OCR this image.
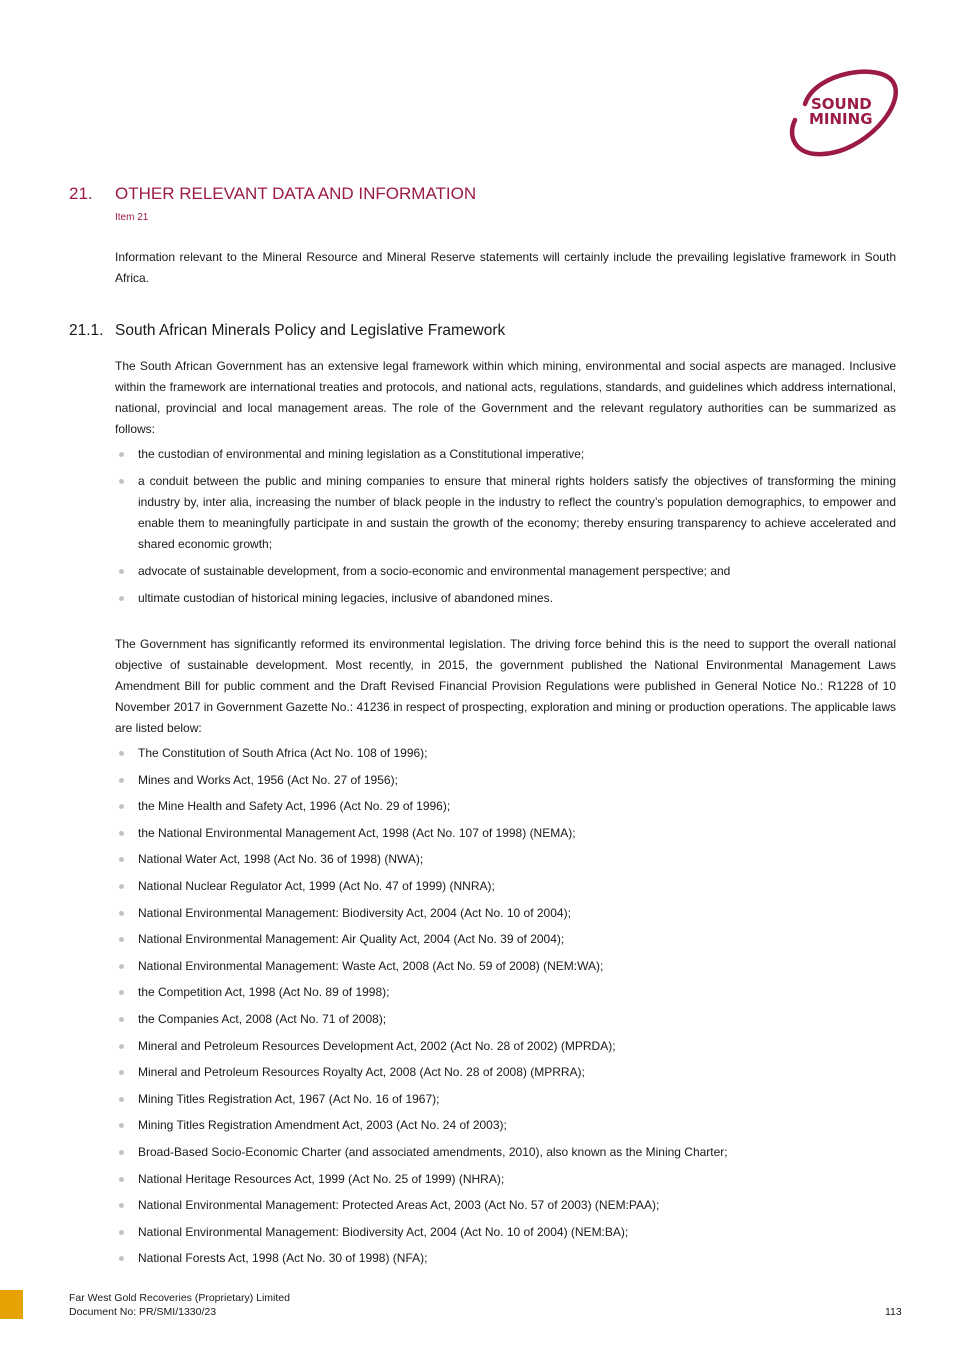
SOUND
MINING
21.	OTHER RELEVANT DATA AND INFORMATION
Item 21

Information relevant to the Mineral Resource and Mineral Reserve statements will certainly include the prevailing legislative framework in South Africa.

21.1. South African Minerals Policy and Legislative Framework

The South African Government has an extensive legal framework within which mining, environmental and social aspects are managed. Inclusive within the framework are international treaties and protocols, and national acts, regulations, standards, and guidelines which address international, national, provincial and local management areas. The role of the Government and the relevant regulatory authorities can be summarized as follows:

the custodian of environmental and mining legislation as a Constitutional imperative;
a conduit between the public and mining companies to ensure that mineral rights holders satisfy the objectives of transforming the mining industry by, inter alia, increasing the number of black people in the industry to reflect the country’s population demographics, to empower and enable them to meaningfully participate in and sustain the growth of the economy; thereby ensuring transparency to achieve accelerated and shared economic growth;
advocate of sustainable development, from a socio-economic and environmental management perspective; and
ultimate custodian of historical mining legacies, inclusive of abandoned mines.

The Government has significantly reformed its environmental legislation. The driving force behind this is the need to support the overall national objective of sustainable development. Most recently, in 2015, the government published the National Environmental Management Laws Amendment Bill for public comment and the Draft Revised Financial Provision Regulations were published in General Notice No.: R1228 of 10 November 2017 in Government Gazette No.: 41236 in respect of prospecting, exploration and mining or production operations. The applicable laws are listed below:

The Constitution of South Africa (Act No. 108 of 1996);
Mines and Works Act, 1956 (Act No. 27 of 1956);
the Mine Health and Safety Act, 1996 (Act No. 29 of 1996);
the National Environmental Management Act, 1998 (Act No. 107 of 1998) (NEMA);
National Water Act, 1998 (Act No. 36 of 1998) (NWA);
National Nuclear Regulator Act, 1999 (Act No. 47 of 1999) (NNRA);
National Environmental Management: Biodiversity Act, 2004 (Act No. 10 of 2004);
National Environmental Management: Air Quality Act, 2004 (Act No. 39 of 2004);
National Environmental Management: Waste Act, 2008 (Act No. 59 of 2008) (NEM:WA);
the Competition Act, 1998 (Act No. 89 of 1998);
the Companies Act, 2008 (Act No. 71 of 2008);
Mineral and Petroleum Resources Development Act, 2002 (Act No. 28 of 2002) (MPRDA);
Mineral and Petroleum Resources Royalty Act, 2008 (Act No. 28 of 2008) (MPRRA);
Mining Titles Registration Act, 1967 (Act No. 16 of 1967);
Mining Titles Registration Amendment Act, 2003 (Act No. 24 of 2003);
Broad-Based Socio-Economic Charter (and associated amendments, 2010), also known as the Mining Charter;
National Heritage Resources Act, 1999 (Act No. 25 of 1999) (NHRA);
National Environmental Management: Protected Areas Act, 2003 (Act No. 57 of 2003) (NEM:PAA);
National Environmental Management: Biodiversity Act, 2004 (Act No. 10 of 2004) (NEM:BA);
National Forests Act, 1998 (Act No. 30 of 1998) (NFA);
Far West Gold Recoveries (Proprietary) Limited
Document No: PR/SMI/1330/23	113
